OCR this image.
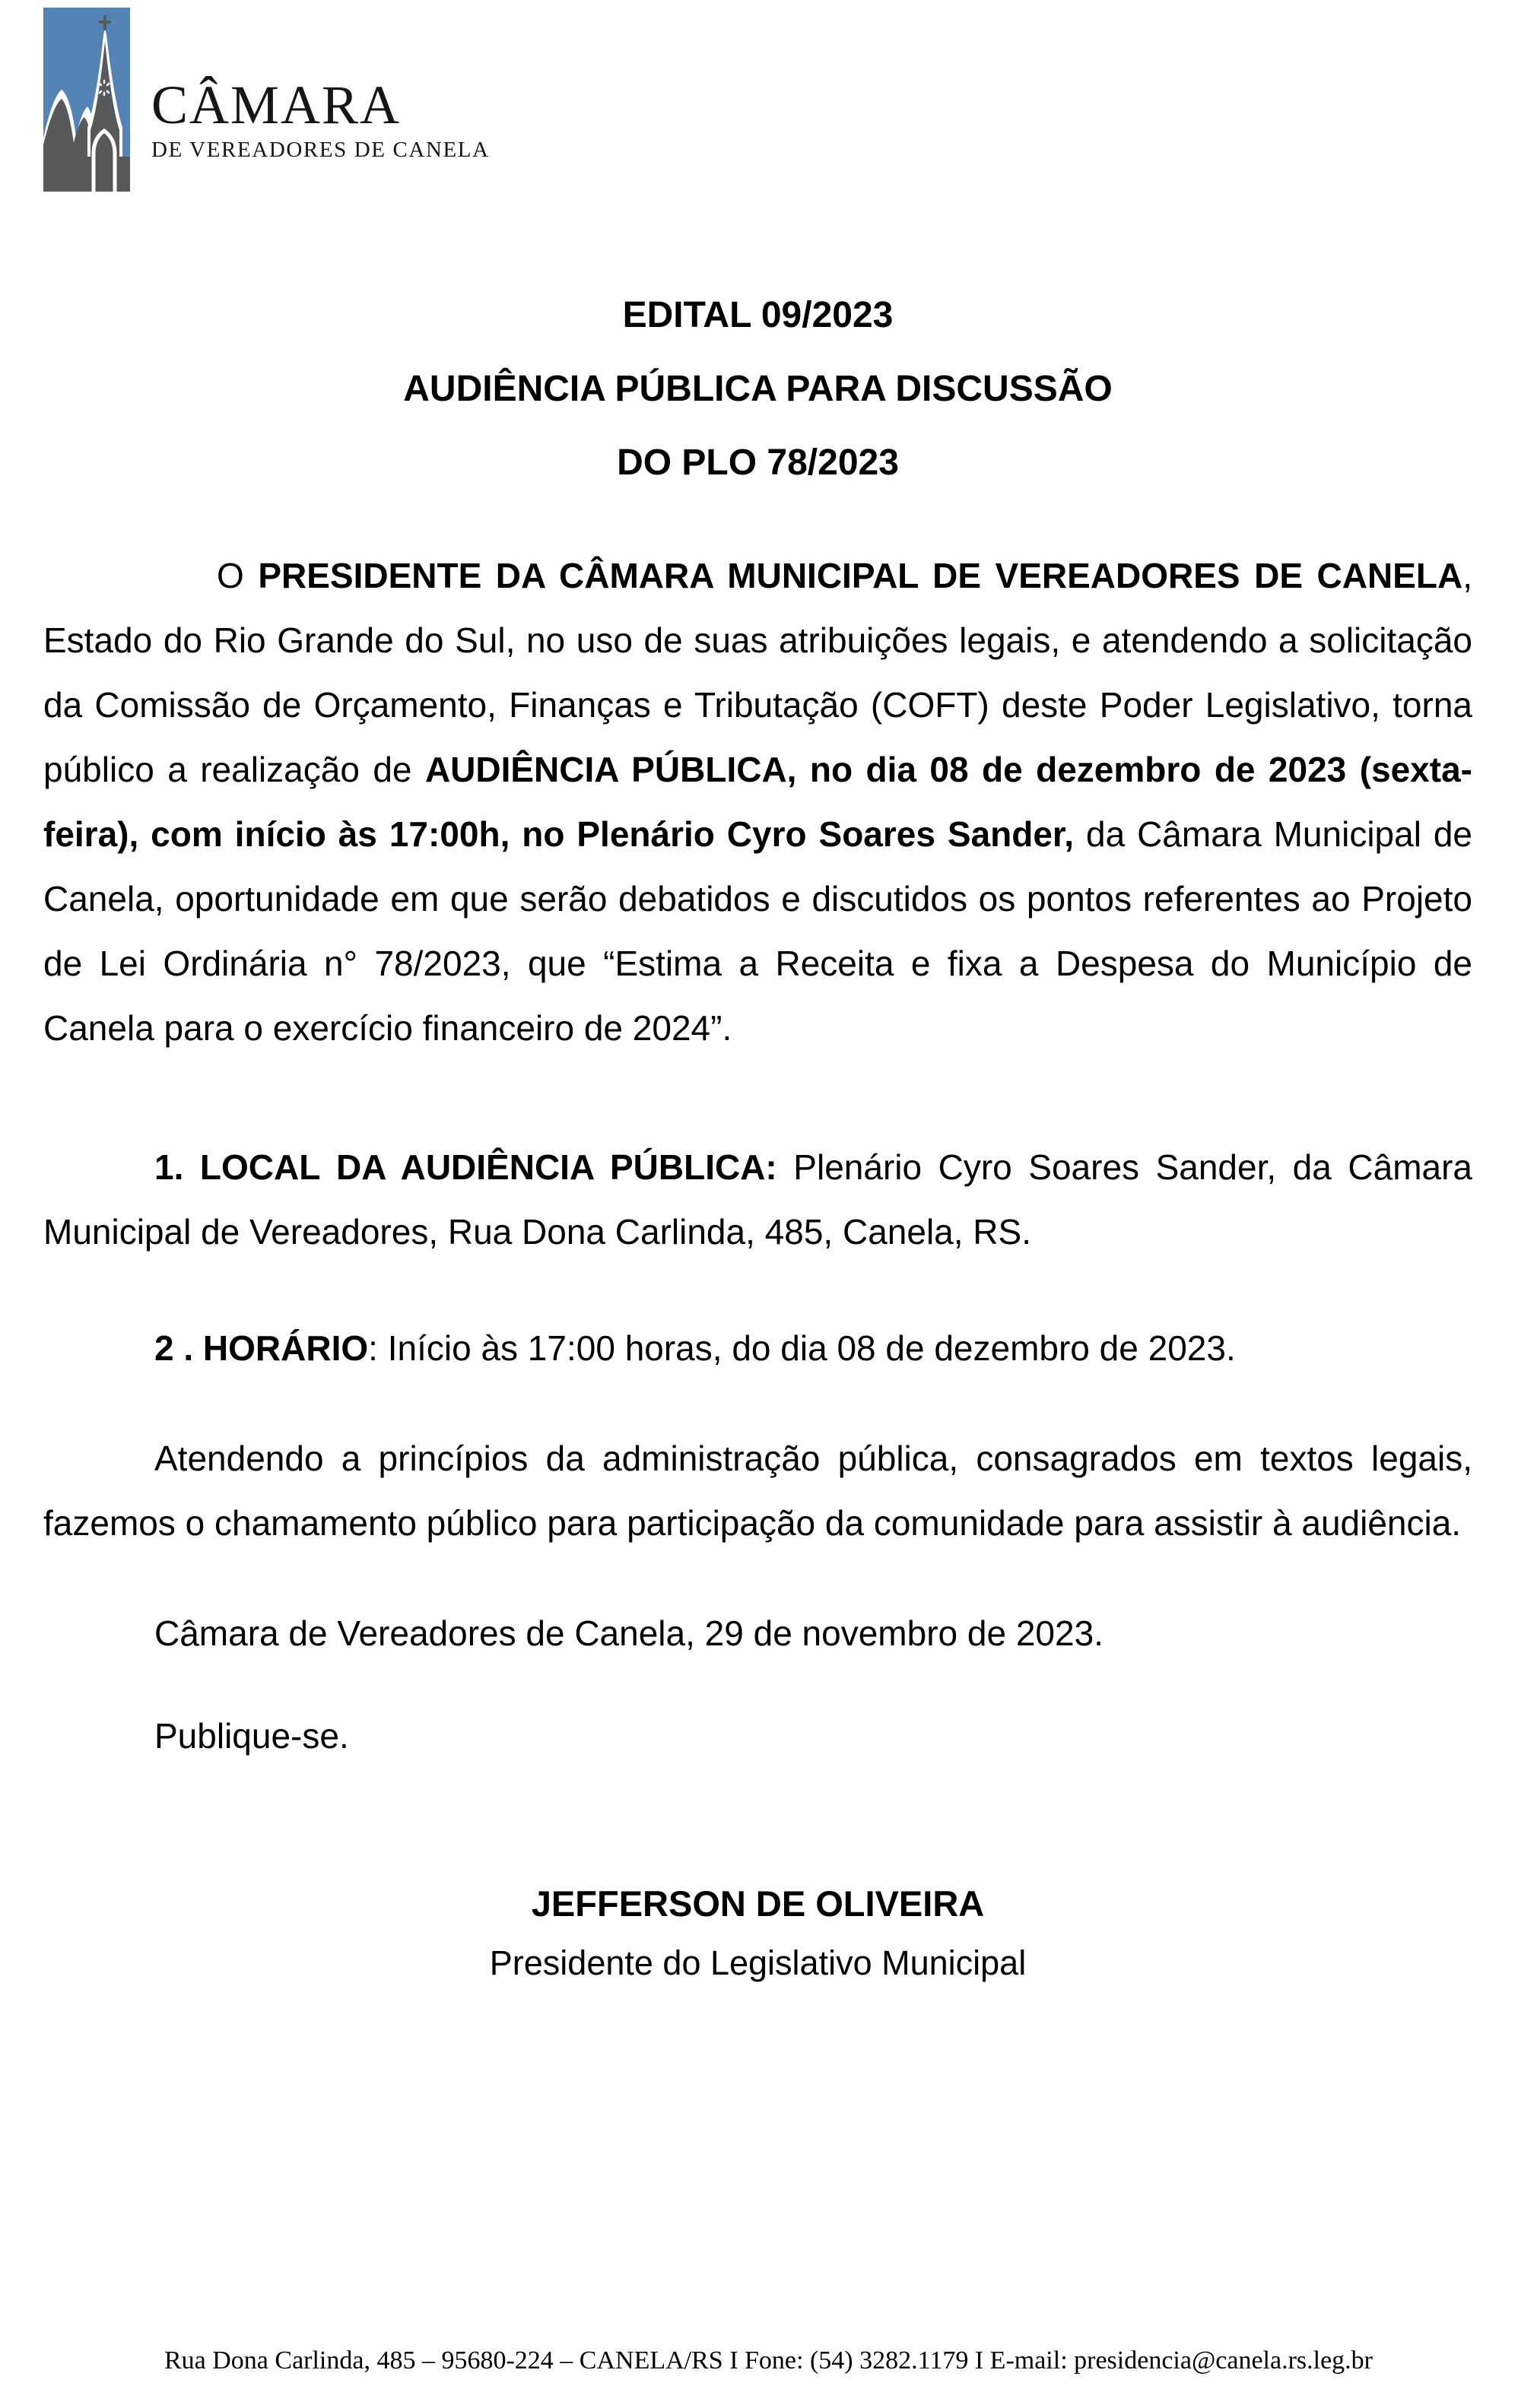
CÂMARA
DE VEREADORES DE CANELA
EDITAL 09/2023
AUDIÊNCIA PÚBLICA PARA DISCUSSÃO
DO PLO 78/2023

O PRESIDENTE DA CÂMARA MUNICIPAL DE VEREADORES DE CANELA, Estado do Rio Grande do Sul, no uso de suas atribuições legais, e atendendo a solicitação da Comissão de Orçamento, Finanças e Tributação (COFT) deste Poder Legislativo, torna público a realização de AUDIÊNCIA PÚBLICA, no dia 08 de dezembro de 2023 (sexta-feira), com início às 17:00h, no Plenário Cyro Soares Sander, da Câmara Municipal de Canela, oportunidade em que serão debatidos e discutidos os pontos referentes ao Projeto de Lei Ordinária n° 78/2023, que “Estima a Receita e fixa a Despesa do Município de Canela para o exercício financeiro de 2024”.

1. LOCAL DA AUDIÊNCIA PÚBLICA: Plenário Cyro Soares Sander, da Câmara Municipal de Vereadores, Rua Dona Carlinda, 485, Canela, RS.

2 . HORÁRIO: Início às 17:00 horas, do dia 08 de dezembro de 2023.

Atendendo a princípios da administração pública, consagrados em textos legais, fazemos o chamamento público para participação da comunidade para assistir à audiência.

Câmara de Vereadores de Canela, 29 de novembro de 2023.

Publique-se.

JEFFERSON DE OLIVEIRA
Presidente do Legislativo Municipal
Rua Dona Carlinda, 485 – 95680-224 – CANELA/RS I Fone: (54) 3282.1179 I E-mail: presidencia@canela.rs.leg.br
